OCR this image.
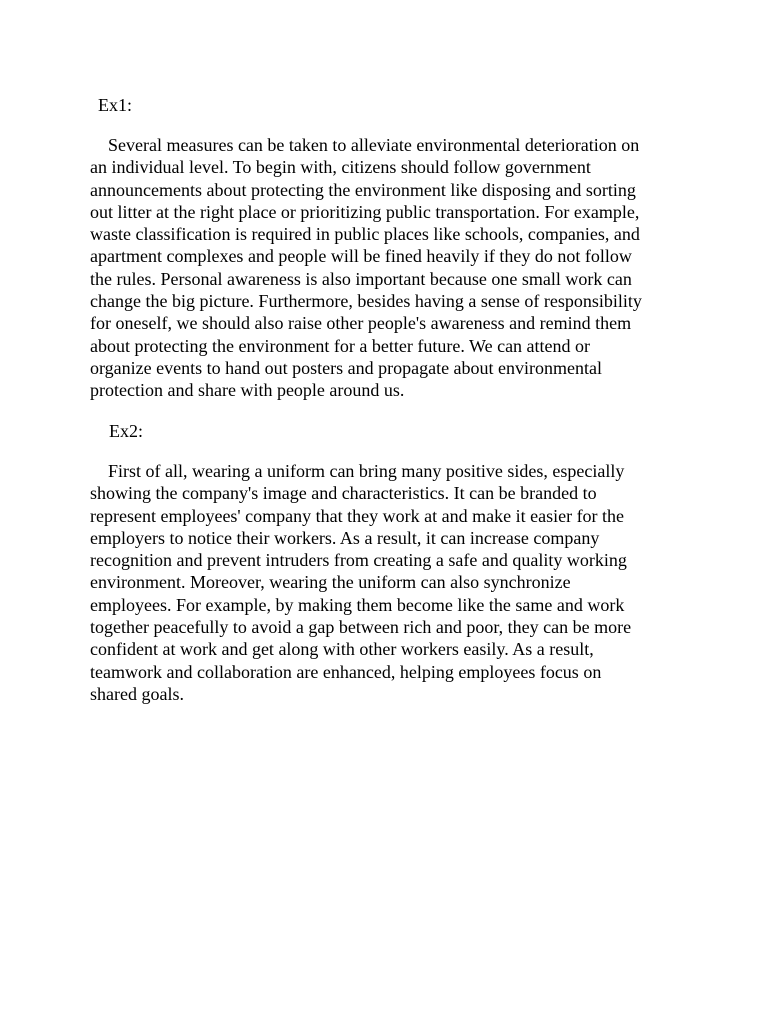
Ex1:

Several measures can be taken to alleviate environmental deterioration on
an individual level. To begin with, citizens should follow government
announcements about protecting the environment like disposing and sorting
out litter at the right place or prioritizing public transportation. For example,
waste classification is required in public places like schools, companies, and
apartment complexes and people will be fined heavily if they do not follow
the rules. Personal awareness is also important because one small work can
change the big picture. Furthermore, besides having a sense of responsibility
for oneself, we should also raise other people's awareness and remind them
about protecting the environment for a better future. We can attend or
organize events to hand out posters and propagate about environmental
protection and share with people around us.

Ex2:

First of all, wearing a uniform can bring many positive sides, especially
showing the company's image and characteristics. It can be branded to
represent employees' company that they work at and make it easier for the
employers to notice their workers. As a result, it can increase company
recognition and prevent intruders from creating a safe and quality working
environment. Moreover, wearing the uniform can also synchronize
employees. For example, by making them become like the same and work
together peacefully to avoid a gap between rich and poor, they can be more
confident at work and get along with other workers easily. As a result,
teamwork and collaboration are enhanced, helping employees focus on
shared goals.
